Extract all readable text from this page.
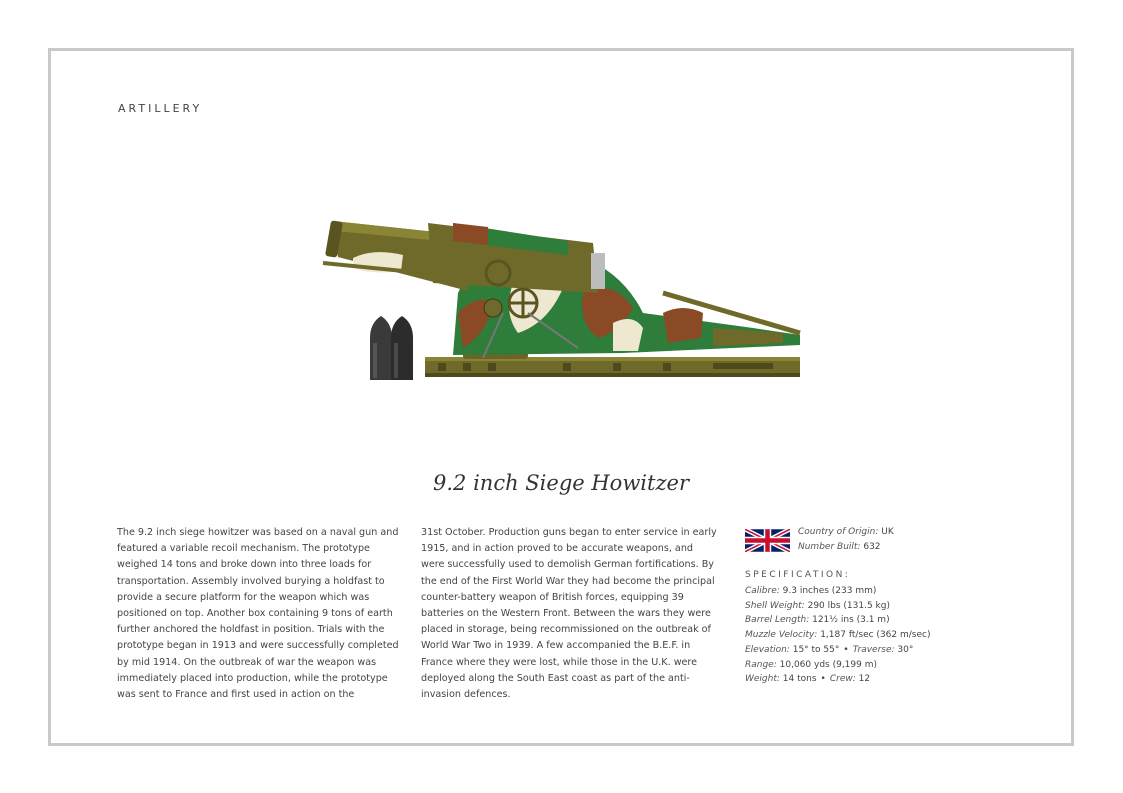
ARTILLERY
9.2 inch Siege Howitzer
The 9.2 inch siege howitzer was based on a naval gun and featured a variable recoil mechanism. The prototype weighed 14 tons and broke down into three loads for transportation. Assembly involved burying a holdfast to provide a secure platform for the weapon which was positioned on top. Another box containing 9 tons of earth further anchored the holdfast in position. Trials with the prototype began in 1913 and were successfully completed by mid 1914. On the outbreak of war the weapon was immediately placed into production, while the prototype was sent to France and first used in action on the
31st October. Production guns began to enter service in early 1915, and in action proved to be accurate weapons, and were successfully used to demolish German fortifications. By the end of the First World War they had become the principal counter-battery weapon of British forces, equipping 39 batteries on the Western Front. Between the wars they were placed in storage, being recommissioned on the outbreak of World War Two in 1939. A few accompanied the B.E.F. in France where they were lost, while those in the U.K. were deployed along the South East coast as part of the anti-invasion defences.
Country of Origin: UK
Number Built: 632
SPECIFICATION:
Calibre: 9.3 inches (233 mm)
Shell Weight: 290 lbs (131.5 kg)
Barrel Length: 121½ ins (3.1 m)
Muzzle Velocity: 1,187 ft/sec (362 m/sec)
Elevation: 15° to 55° • Traverse: 30°
Range: 10,060 yds (9,199 m)
Weight: 14 tons • Crew: 12
